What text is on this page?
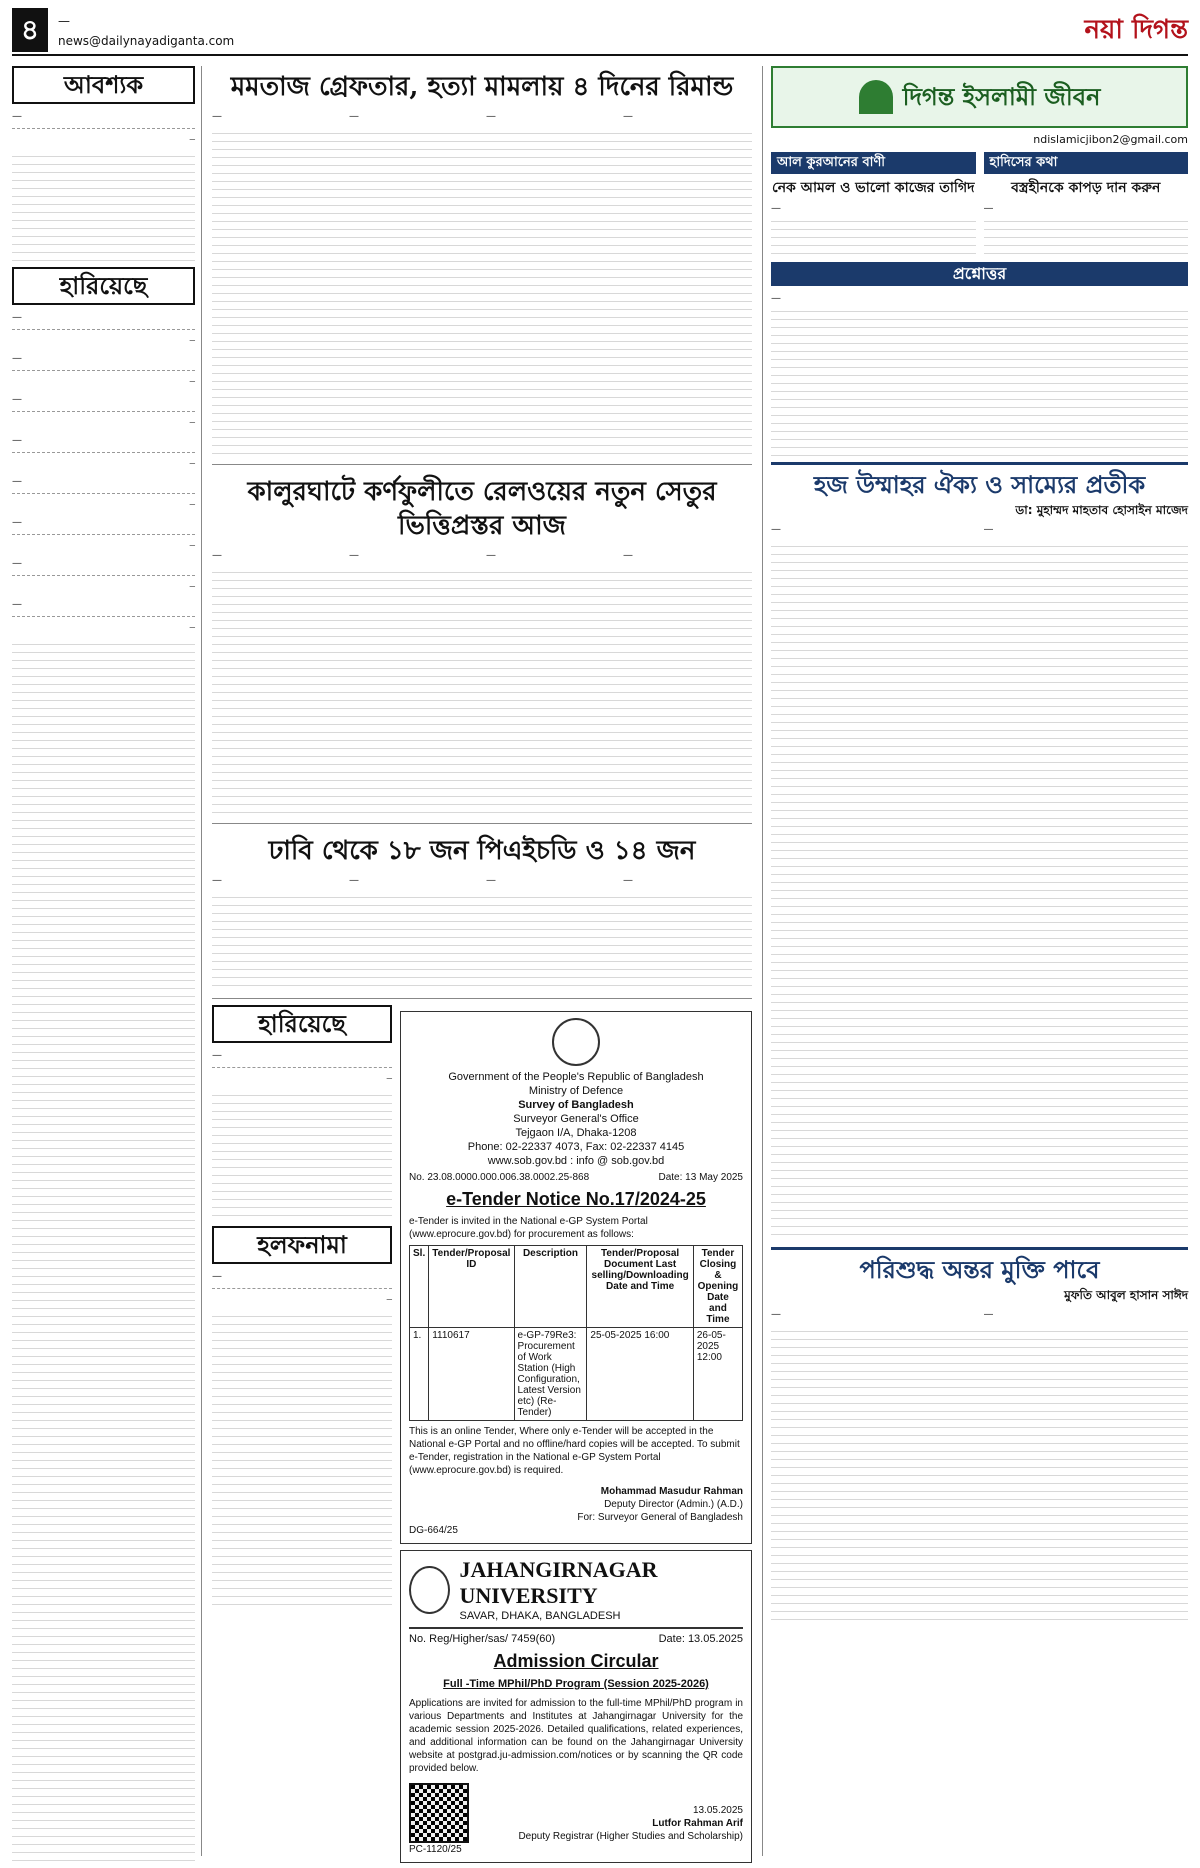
৪	—
news@dailynayadiganta.com	নয়া দিগন্ত
আবশ্যক
—
—
হারিয়েছে
—
—
—
—
—
—
—
—
—
—
—
—
—
—
—
—
মমতাজ গ্রেফতার, হত্যা মামলায় ৪ দিনের রিমান্ড
—	—	—	—
কালুরঘাটে কর্ণফুলীতে রেলওয়ের নতুন সেতুর ভিত্তিপ্রস্তর আজ
—	—	—	—
ঢাবি থেকে ১৮ জন পিএইচডি ও ১৪ জন
—	—	—	—
হারিয়েছে
—
—
হলফনামা
—
—
Government of the People's Republic of Bangladesh
Ministry of Defence
Survey of Bangladesh
Surveyor General's Office
Tejgaon I/A, Dhaka-1208
Phone: 02-22337 4073, Fax: 02-22337 4145
www.sob.gov.bd : info @ sob.gov.bd
No. 23.08.0000.000.006.38.0002.25-868	Date: 13 May 2025
e-Tender Notice No.17/2024-25
e-Tender is invited in the National e-GP System Portal (www.eprocure.gov.bd) for procurement as follows:
Sl.	Tender/Proposal ID	Description	Tender/Proposal Document Last selling/Downloading Date and Time	Tender Closing & Opening Date and Time
1.	1110617	e-GP-79Re3: Procurement of Work Station (High Configuration, Latest Version etc) (Re-Tender)	25-05-2025 16:00	26-05-2025 12:00
This is an online Tender, Where only e-Tender will be accepted in the National e-GP Portal and no offline/hard copies will be accepted. To submit e-Tender, registration in the National e-GP System Portal (www.eprocure.gov.bd) is required.
Mohammad Masudur Rahman
Deputy Director (Admin.) (A.D.)
For: Surveyor General of Bangladesh
DG-664/25
JAHANGIRNAGAR UNIVERSITY
SAVAR, DHAKA, BANGLADESH
No. Reg/Higher/sas/ 7459(60)	Date: 13.05.2025
Admission Circular
Full -Time MPhil/PhD Program (Session 2025-2026)
Applications are invited for admission to the full-time MPhil/PhD program in various Departments and Institutes at Jahangirnagar University for the academic session 2025-2026. Detailed qualifications, related experiences, and additional information can be found on the Jahangirnagar University website at postgrad.ju-admission.com/notices or by scanning the QR code provided below.
13.05.2025
Lutfor Rahman Arif
Deputy Registrar (Higher Studies and Scholarship)
PC-1120/25
দিগন্ত ইসলামী জীবন
ndislamicjibon2@gmail.com
আল কুরআনের বাণী
নেক আমল ও ভালো কাজের তাগিদ
—
হাদিসের কথা
বস্ত্রহীনকে কাপড় দান করুন
—
প্রশ্নোত্তর
—
হজ উম্মাহর ঐক্য ও সাম্যের প্রতীক
ডা: মুহাম্মদ মাহতাব হোসাইন মাজেদ
—	—
পরিশুদ্ধ অন্তর মুক্তি পাবে
মুফতি আবুল হাসান সাঈদ
—	—
